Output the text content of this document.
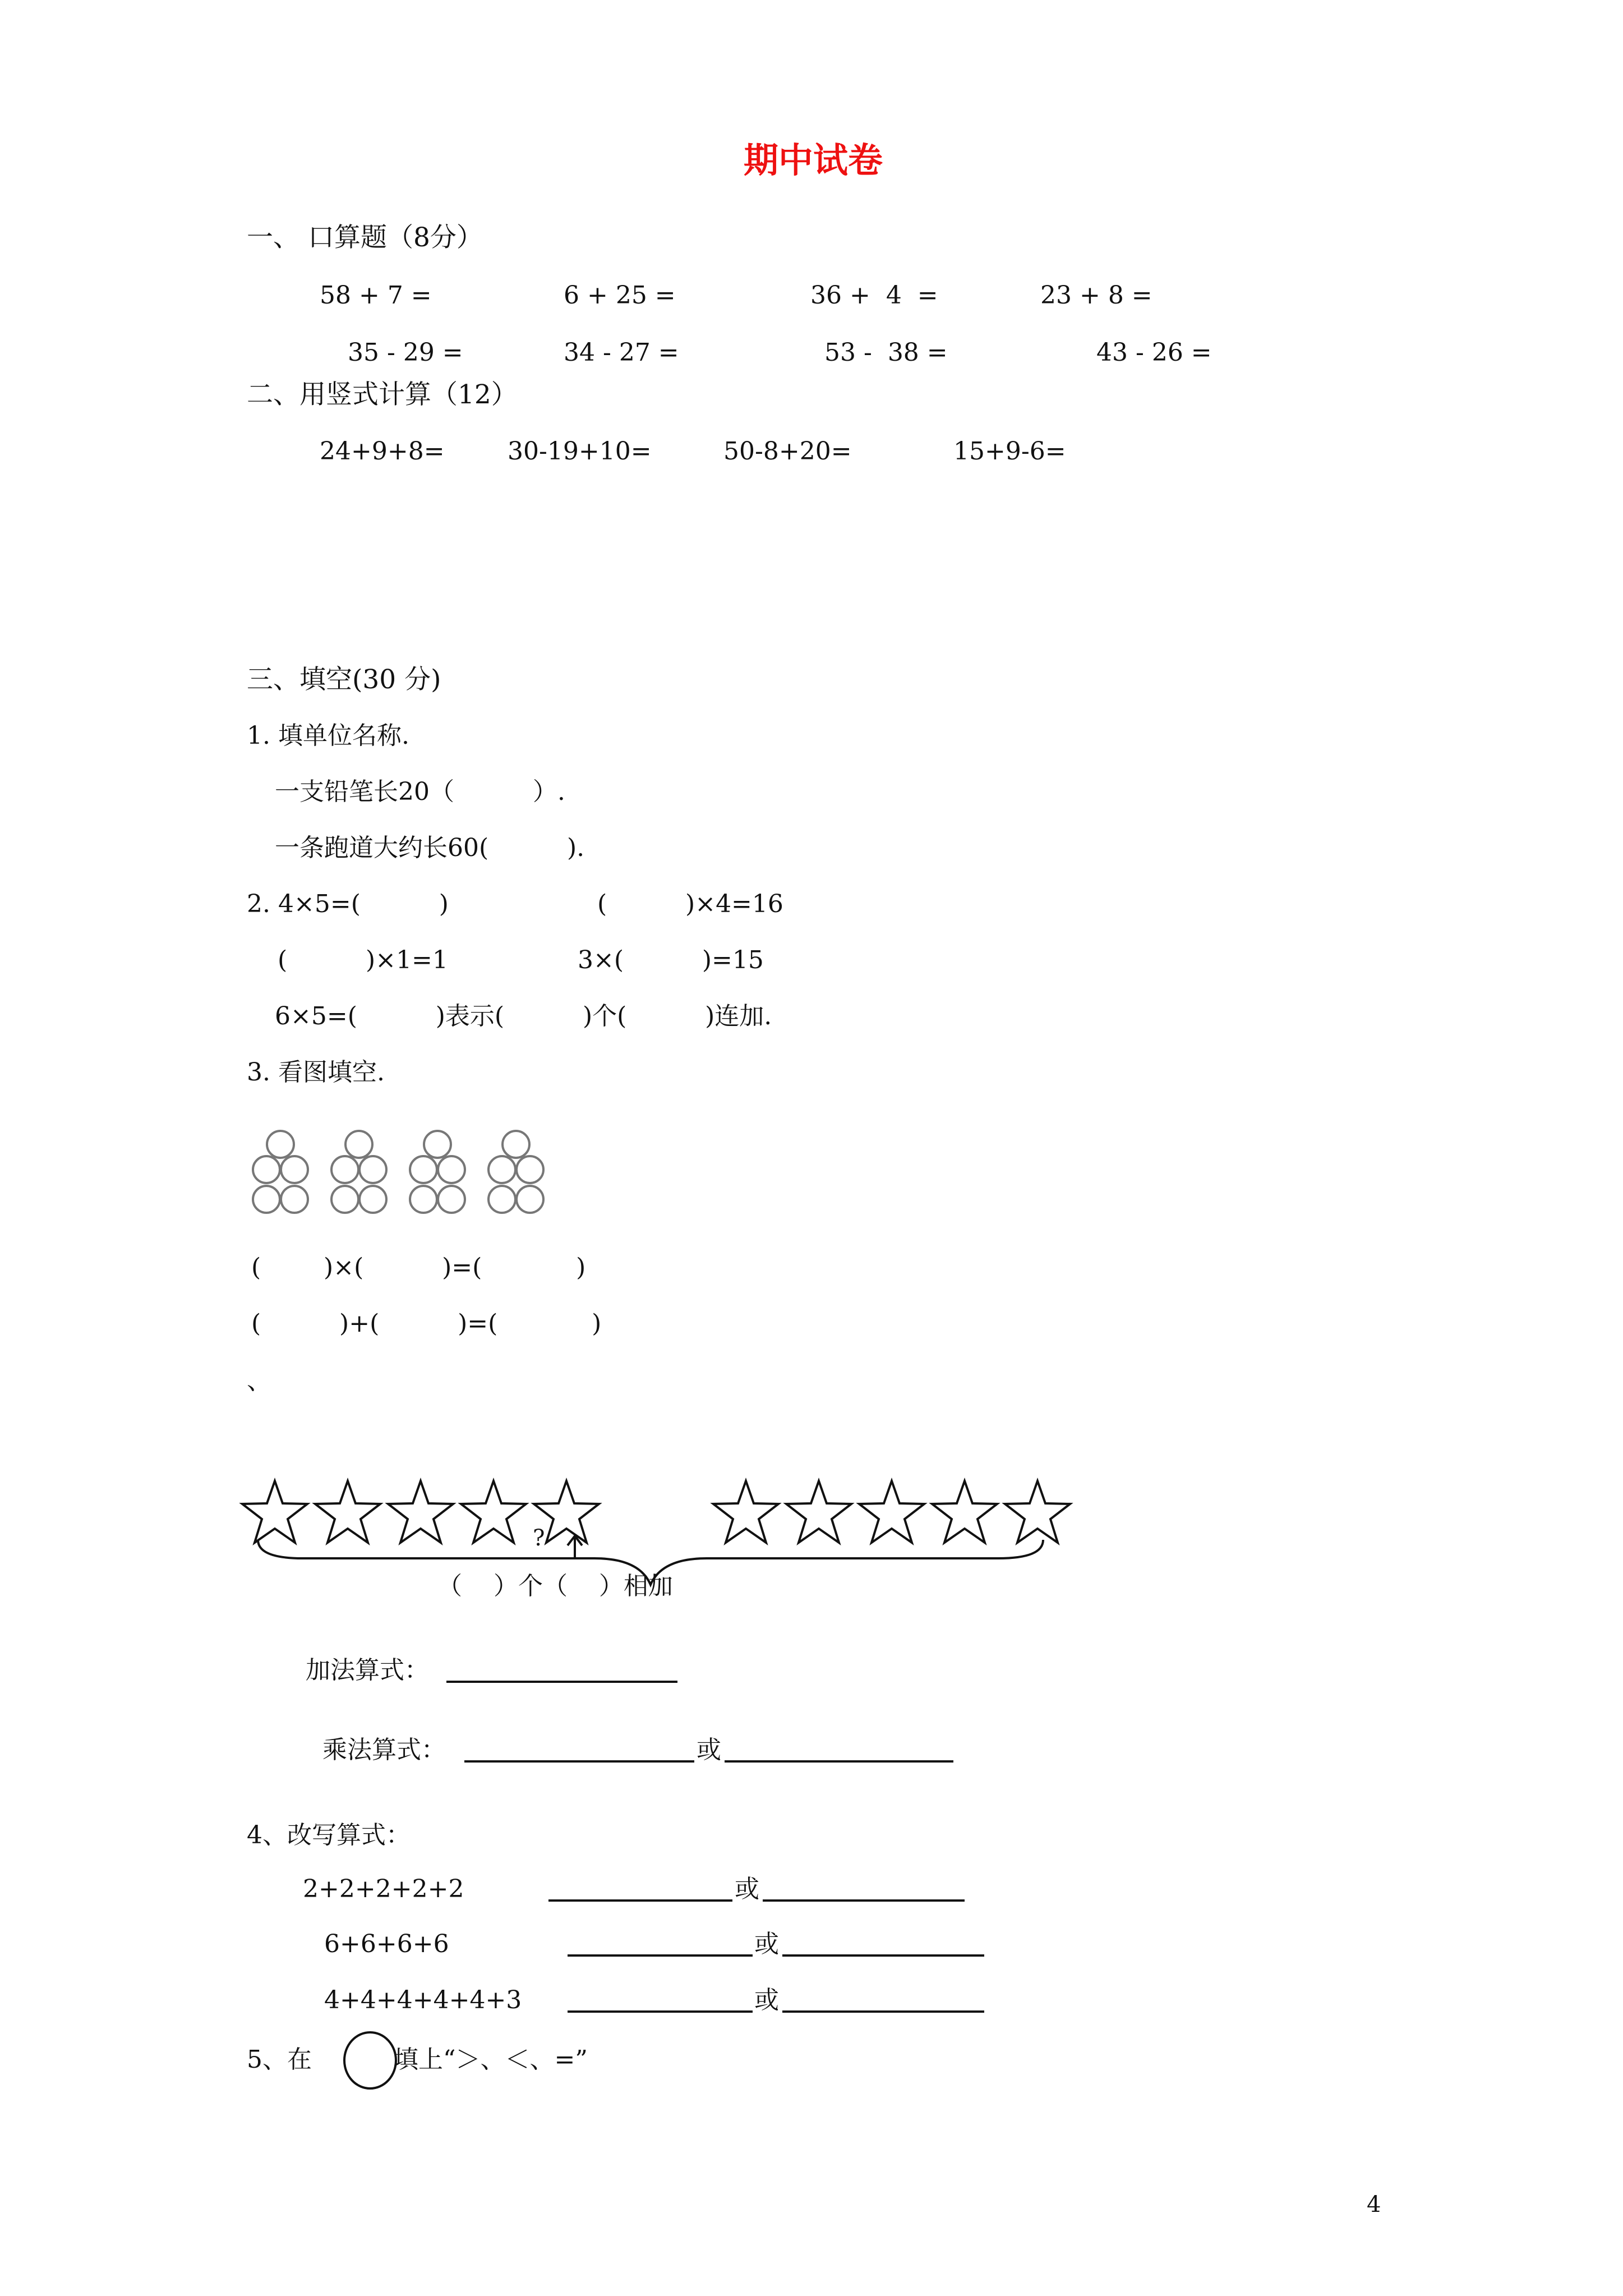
期中试卷
一、 口算题（8分）
58 + 7 =	6 + 25 =	36 +  4  =	23 + 8 =
35 - 29 =	34 - 27 =	53 -  38 =	43 - 26 =
二、用竖式计算（12）
24+9+8=	30-19+10=	50-8+20=	15+9-6=
三、填空(30 分)
1. 填单位名称.
一支铅笔长20（          ）.
一条跑道大约长60(          ).
2. 4×5=(          )	(          )×4=16
(          )×1=1	3×(          )=15
6×5=(          )表示(          )个(          )连加.
3. 看图填空.
(        )×(          )=(            )
(          )+(          )=(            )
、
?
（    ）个（    ）相加
加法算式：
乘法算式：	或
4、改写算式：
2+2+2+2+2	或
6+6+6+6	或
4+4+4+4+4+3	或
5、在	填上“＞、＜、=”
4
